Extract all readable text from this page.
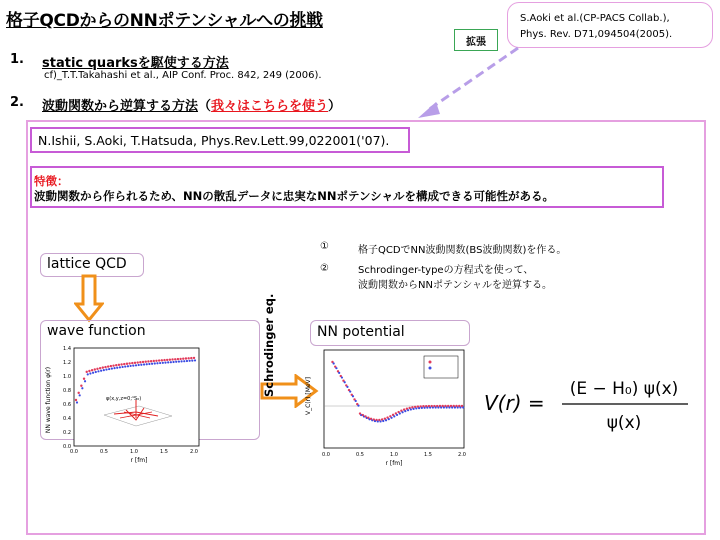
格子QCDからのNNポテンシャルへの挑戦	S.Aoki et al.(CP-PACS Collab.),
Phys. Rev. D71,094504(2005).
拡張
1. static quarksを駆使する方法
cf)_T.T.Takahashi et al., AIP Conf. Proc. 842, 249 (2006).
2. 波動関数から逆算する方法（我々はこちらを使う）
N.Ishii, S.Aoki, T.Hatsuda, Phys.Rev.Lett.99,022001('07).
特徴：
波動関数から作られるため、NNの散乱データに忠実なNNポテンシャルを構成できる可能性がある。
①	格子QCDでNN波動関数(BS波動関数)を作る。
②	Schrodinger-typeの方程式を使って、
波動関数からNNポテンシャルを逆算する。
lattice QCD
wave function
NN wave function φ(r)
r [fm]
0.0
0.2
0.4
0.6
0.8
1.0
1.2
1.4
0.0	0.5	1.0	1.5	2.0
φ(x,y,z=0;¹S₀)
Schrodinger eq.	NN potential
V_C(r) [MeV]
r [fm]
0.0	0.5	1.0	1.5	2.0
V(r) =
(E − H₀) ψ(x)
ψ(x)
